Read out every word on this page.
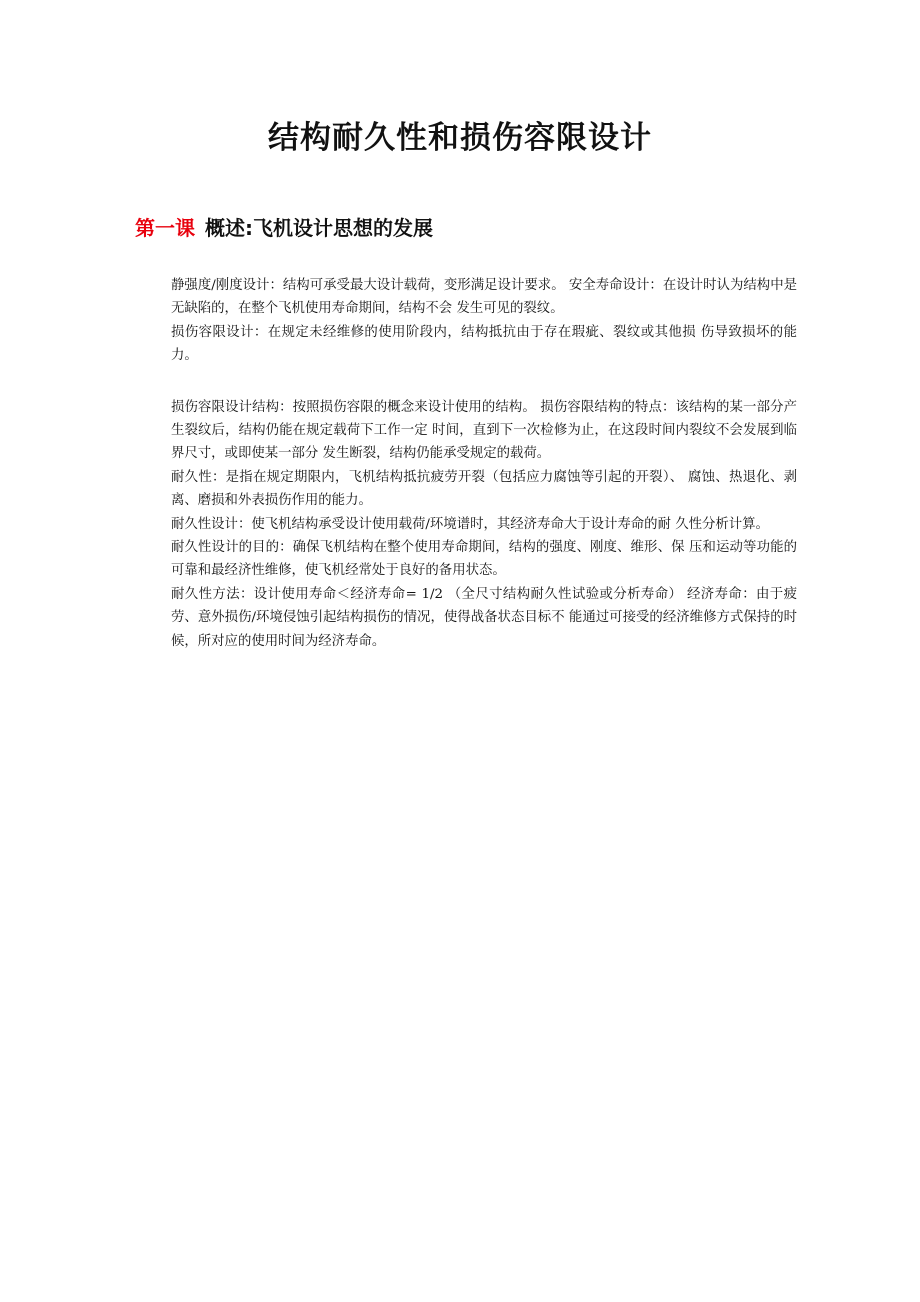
结构耐久性和损伤容限设计
第一课 概述:飞机设计思想的发展

静强度/刚度设计：结构可承受最大设计载荷，变形满足设计要求。 安全寿命设计：在设计时认为结构中是无缺陷的，在整个飞机使用寿命期间，结构不会 发生可见的裂纹。

损伤容限设计：在规定未经维修的使用阶段内，结构抵抗由于存在瑕疵、裂纹或其他损 伤导致损坏的能力。

损伤容限设计结构：按照损伤容限的概念来设计使用的结构。 损伤容限结构的特点：该结构的某一部分产生裂纹后，结构仍能在规定载荷下工作一定 时间，直到下一次检修为止，在这段时间内裂纹不会发展到临界尺寸，或即使某一部分 发生断裂，结构仍能承受规定的载荷。

耐久性：是指在规定期限内，飞机结构抵抗疲劳开裂（包括应力腐蚀等引起的开裂）、 腐蚀、热退化、剥离、磨损和外表损伤作用的能力。

耐久性设计：使飞机结构承受设计使用载荷/环境谱时，其经济寿命大于设计寿命的耐 久性分析计算。

耐久性设计的目的：确保飞机结构在整个使用寿命期间，结构的强度、刚度、维形、保 压和运动等功能的可靠和最经济性维修，使飞机经常处于良好的备用状态。

耐久性方法：设计使用寿命＜经济寿命= 1/2 （全尺寸结构耐久性试验或分析寿命） 经济寿命：由于疲劳、意外损伤/环境侵蚀引起结构损伤的情况，使得战备状态目标不 能通过可接受的经济维修方式保持的时候，所对应的使用时间为经济寿命。
